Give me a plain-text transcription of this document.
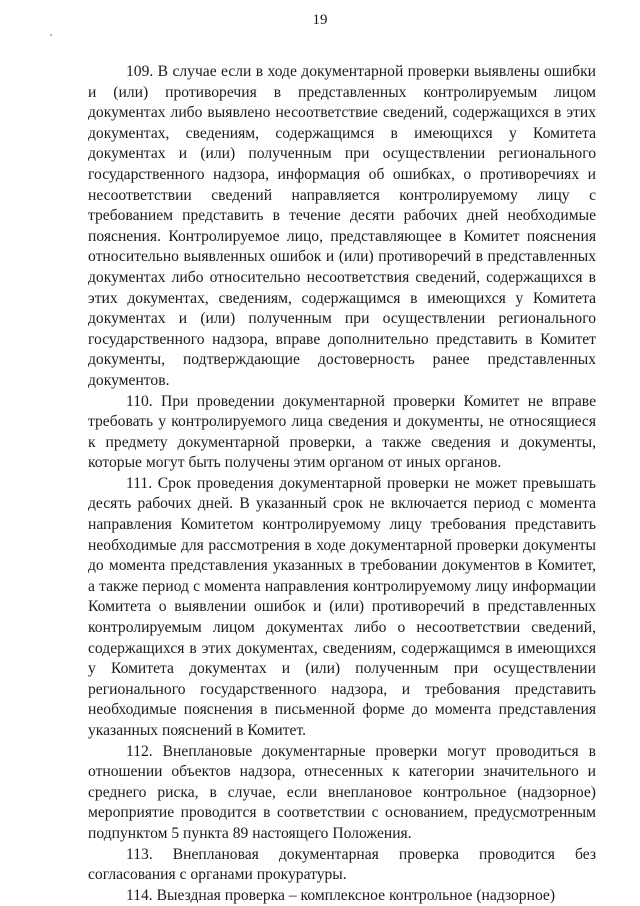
19

109. В случае если в ходе документарной проверки выявлены ошибки и (или) противоречия в представленных контролируемым лицом документах либо выявлено несоответствие сведений, содержащихся в этих документах, сведениям, содержащимся в имеющихся у Комитета документах и (или) полученным при осуществлении регионального государственного надзора, информация об ошибках, о противоречиях и несоответствии сведений направляется контролируемому лицу с требованием представить в течение десяти рабочих дней необходимые пояснения. Контролируемое лицо, представляющее в Комитет пояснения относительно выявленных ошибок и (или) противоречий в представленных документах либо относительно несоответствия сведений, содержащихся в этих документах, сведениям, содержащимся в имеющихся у Комитета документах и (или) полученным при осуществлении регионального государственного надзора, вправе дополнительно представить в Комитет документы, подтверждающие достоверность ранее представленных документов.

110. При проведении документарной проверки Комитет не вправе требовать у контролируемого лица сведения и документы, не относящиеся к предмету документарной проверки, а также сведения и документы, которые могут быть получены этим органом от иных органов.

111. Срок проведения документарной проверки не может превышать десять рабочих дней. В указанный срок не включается период с момента направления Комитетом контролируемому лицу требования представить необходимые для рассмотрения в ходе документарной проверки документы до момента представления указанных в требовании документов в Комитет, а также период с момента направления контролируемому лицу информации Комитета о выявлении ошибок и (или) противоречий в представленных контролируемым лицом документах либо о несоответствии сведений, содержащихся в этих документах, сведениям, содержащимся в имеющихся у Комитета документах и (или) полученным при осуществлении регионального государственного надзора, и требования представить необходимые пояснения в письменной форме до момента представления указанных пояснений в Комитет.

112. Внеплановые документарные проверки могут проводиться в отношении объектов надзора, отнесенных к категории значительного и среднего риска, в случае, если внеплановое контрольное (надзорное) мероприятие проводится в соответствии с основанием, предусмотренным подпунктом 5 пункта 89 настоящего Положения.

113. Внеплановая документарная проверка проводится без согласования с органами прокуратуры.

114. Выездная проверка – комплексное контрольное (надзорное)
